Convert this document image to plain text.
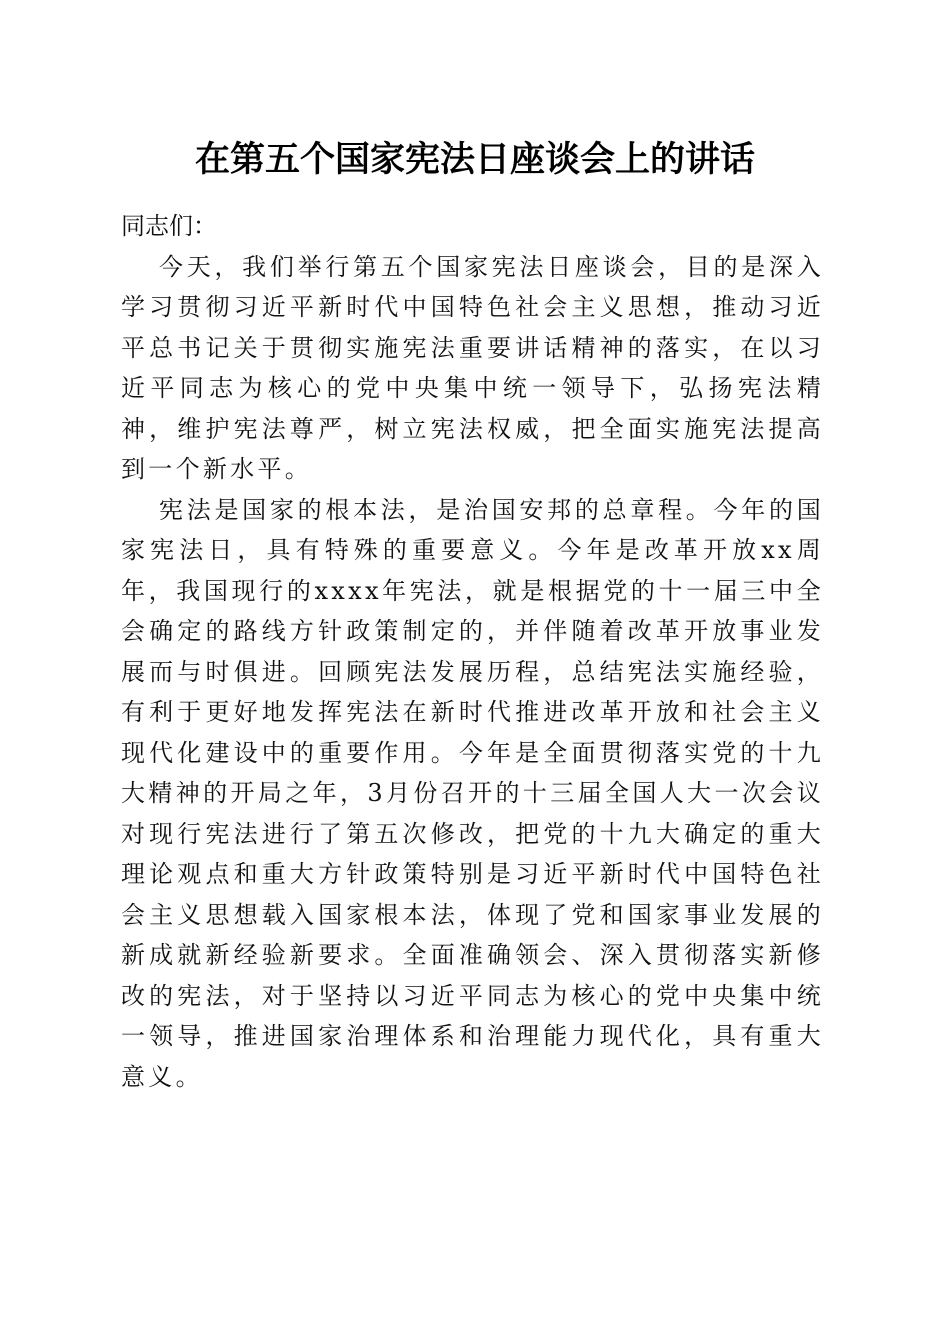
在第五个国家宪法日座谈会上的讲话

同志们：

今天，我们举行第五个国家宪法日座谈会，目的是深入学习贯彻习近平新时代中国特色社会主义思想，推动习近平总书记关于贯彻实施宪法重要讲话精神的落实，在以习近平同志为核心的党中央集中统一领导下，弘扬宪法精神，维护宪法尊严，树立宪法权威，把全面实施宪法提高到一个新水平。

宪法是国家的根本法，是治国安邦的总章程。今年的国家宪法日，具有特殊的重要意义。今年是改革开放xx周年，我国现行的xxxx年宪法，就是根据党的十一届三中全会确定的路线方针政策制定的，并伴随着改革开放事业发展而与时俱进。回顾宪法发展历程，总结宪法实施经验，有利于更好地发挥宪法在新时代推进改革开放和社会主义现代化建设中的重要作用。今年是全面贯彻落实党的十九大精神的开局之年，3月份召开的十三届全国人大一次会议对现行宪法进行了第五次修改，把党的十九大确定的重大理论观点和重大方针政策特别是习近平新时代中国特色社会主义思想载入国家根本法，体现了党和国家事业发展的新成就新经验新要求。全面准确领会、深入贯彻落实新修改的宪法，对于坚持以习近平同志为核心的党中央集中统一领导，推进国家治理体系和治理能力现代化，具有重大意义。
